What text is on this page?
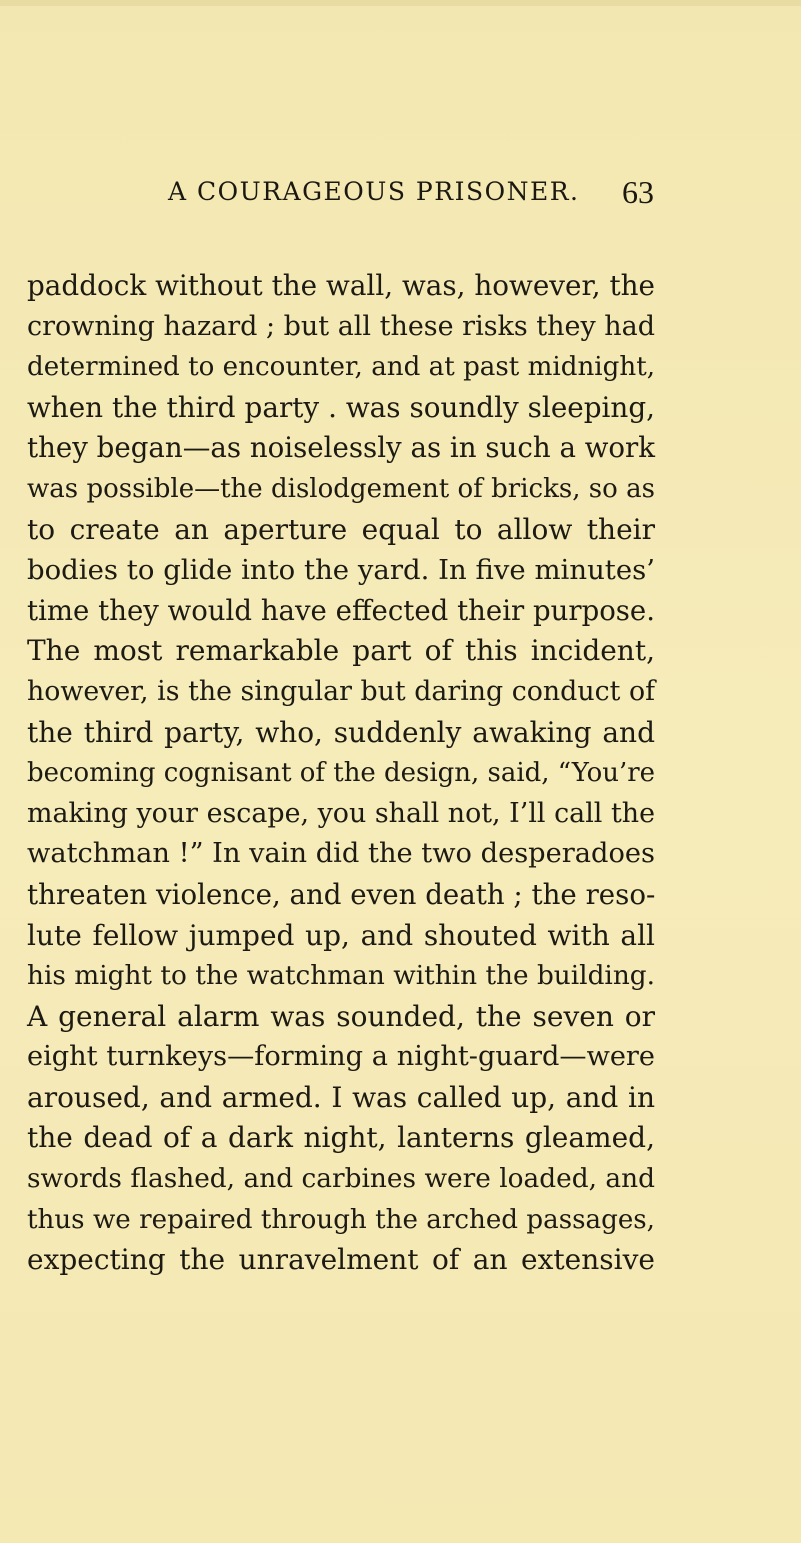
A COURAGEOUS PRISONER. 63
paddock without the wall, was, however, the
crowning hazard ; but all these risks they had
determined to encounter, and at past midnight,
when the third party . was soundly sleeping,
they began—as noiselessly as in such a work
was possible—the dislodgement of bricks, so as
to create an aperture equal to allow their
bodies to glide into the yard. In five minutes’
time they would have effected their purpose.
The most remarkable part of this incident,
however, is the singular but daring conduct of
the third party, who, suddenly awaking and
becoming cognisant of the design, said, “You’re
making your escape, you shall not, I’ll call the
watchman !” In vain did the two desperadoes
threaten violence, and even death ; the reso-
lute fellow jumped up, and shouted with all
his might to the watchman within the building.
A general alarm was sounded, the seven or
eight turnkeys—forming a night-guard—were
aroused, and armed. I was called up, and in
the dead of a dark night, lanterns gleamed,
swords flashed, and carbines were loaded, and
thus we repaired through the arched passages,
expecting the unravelment of an extensive
